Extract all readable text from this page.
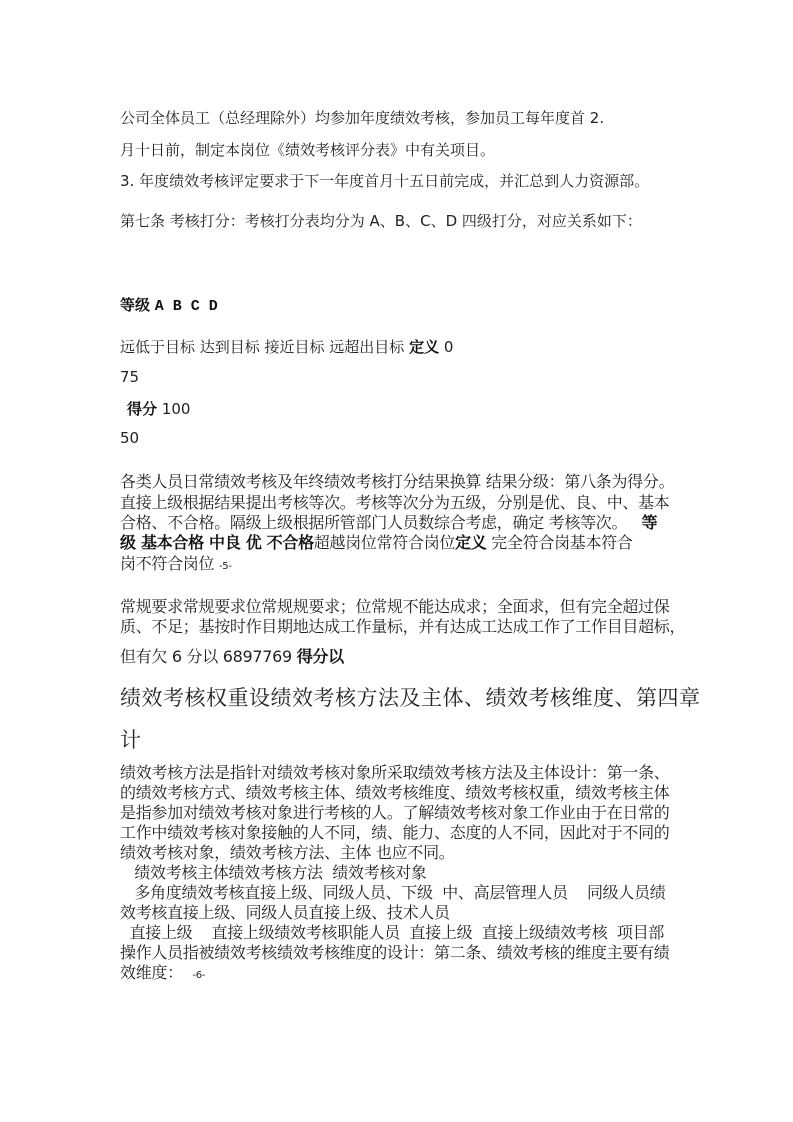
公司全体员工（总经理除外）均参加年度绩效考核，参加员工每年度首 2.
月十日前，制定本岗位《绩效考核评分表》中有关项目。
3. 年度绩效考核评定要求于下一年度首月十五日前完成，并汇总到人力资源部。
第七条 考核打分：考核打分表均分为 A、B、C、D 四级打分，对应关系如下：
等级 A B C D
远低于目标 达到目标 接近目标 远超出目标 定义 0
75
得分 100
50
各类人员日常绩效考核及年终绩效考核打分结果换算 结果分级：第八条为得分。
直接上级根据结果提出考核等次。考核等次分为五级，分别是优、良、中、基本
合格、不合格。隔级上级根据所管部门人员数综合考虑，确定 考核等次。 等
级 基本合格 中良 优 不合格超越岗位常符合岗位定义 完全符合岗基本符合
岗不符合岗位 -5-
常规要求常规要求位常规规要求；位常规不能达成求；全面求，但有完全超过保
质、不足；基按时作目期地达成工作量标，并有达成工达成工作了工作目目超标，
但有欠 6 分以 6897769 得分以
绩效考核权重设绩效考核方法及主体、绩效考核维度、第四章
计
绩效考核方法是指针对绩效考核对象所采取绩效考核方法及主体设计：第一条、
的绩效考核方式、绩效考核主体、绩效考核维度、绩效考核权重，绩效考核主体
是指参加对绩效考核对象进行考核的人。了解绩效考核对象工作业由于在日常的
工作中绩效考核对象接触的人不同，绩、能力、态度的人不同，因此对于不同的
绩效考核对象，绩效考核方法、主体 也应不同。
绩效考核主体绩效考核方法  绩效考核对象
多角度绩效考核直接上级、同级人员、下级  中、高层管理人员    同级人员绩
效考核直接上级、同级人员直接上级、技术人员
直接上级    直接上级绩效考核职能人员  直接上级  直接上级绩效考核  项目部
操作人员指被绩效考核绩效考核维度的设计：第二条、绩效考核的维度主要有绩
效维度： -6-
